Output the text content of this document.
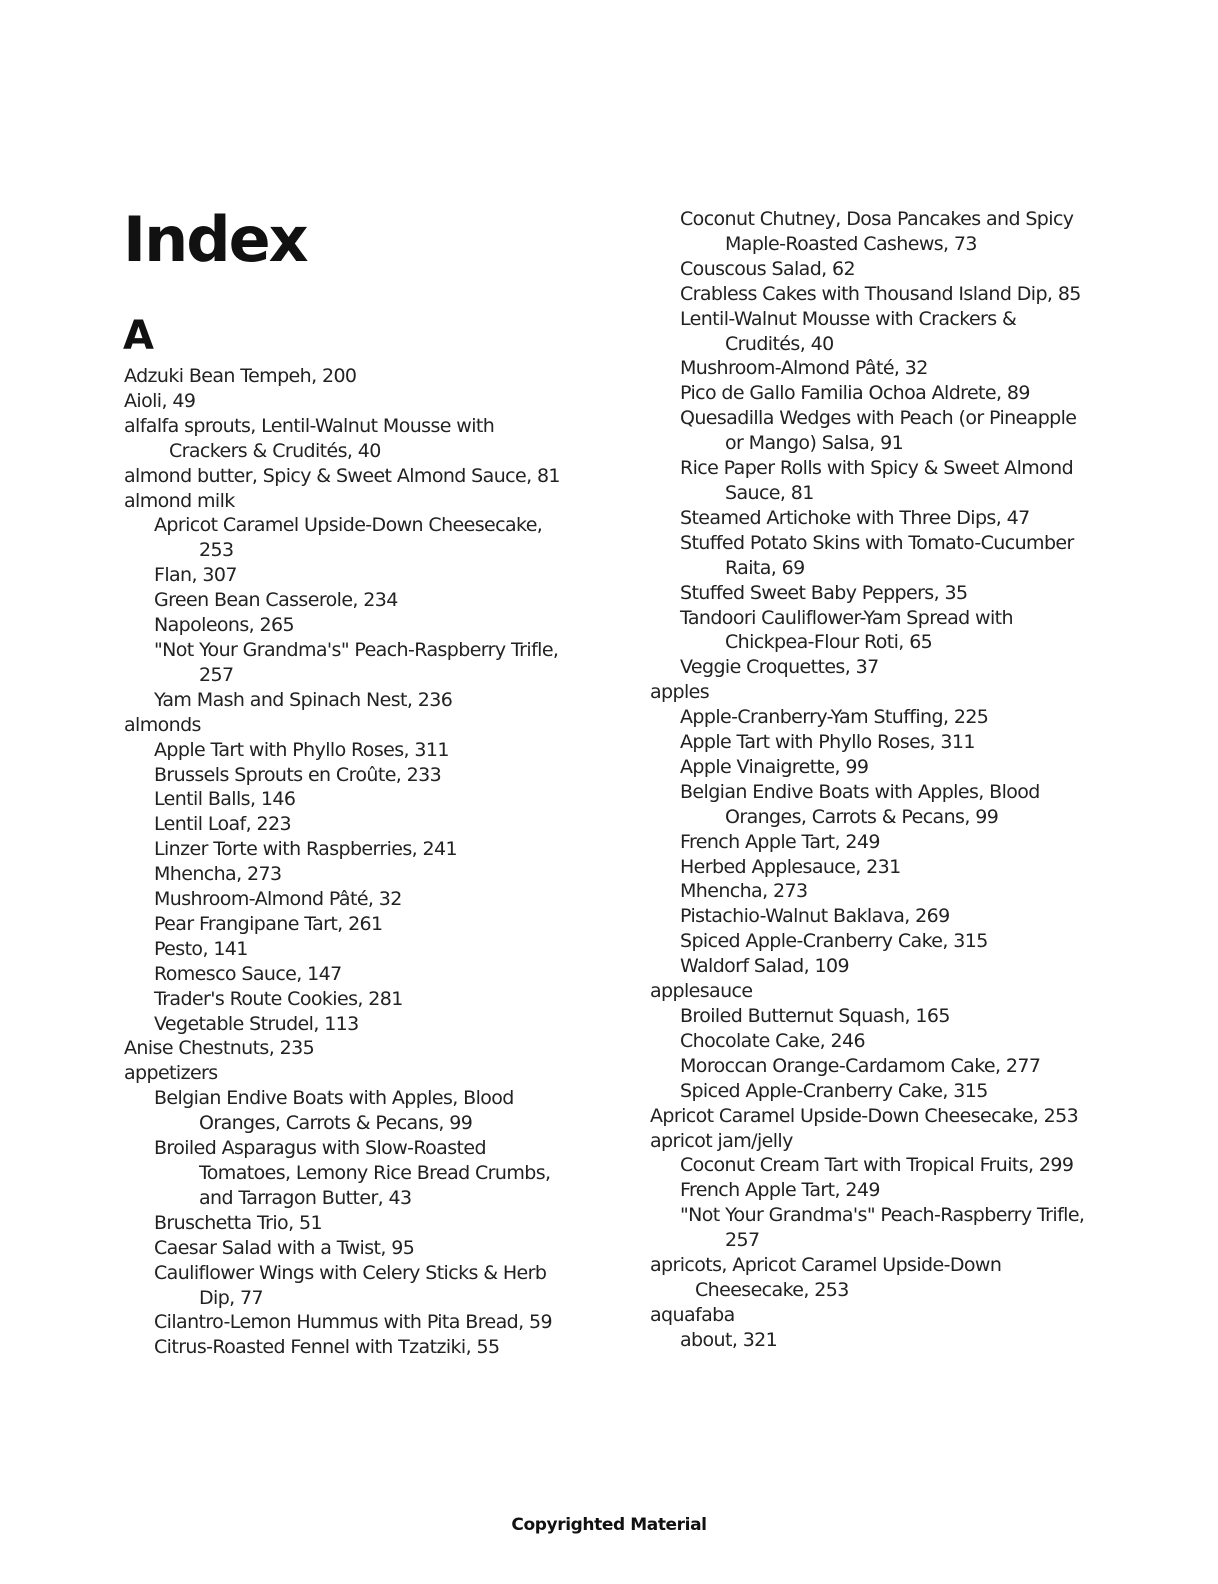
Index
A
Adzuki Bean Tempeh, 200
Aioli, 49
alfalfa sprouts, Lentil-Walnut Mousse with
Crackers & Crudités, 40
almond butter, Spicy & Sweet Almond Sauce, 81
almond milk
Apricot Caramel Upside-Down Cheesecake,
253
Flan, 307
Green Bean Casserole, 234
Napoleons, 265
"Not Your Grandma's" Peach-Raspberry Trifle,
257
Yam Mash and Spinach Nest, 236
almonds
Apple Tart with Phyllo Roses, 311
Brussels Sprouts en Croûte, 233
Lentil Balls, 146
Lentil Loaf, 223
Linzer Torte with Raspberries, 241
Mhencha, 273
Mushroom-Almond Pâté, 32
Pear Frangipane Tart, 261
Pesto, 141
Romesco Sauce, 147
Trader's Route Cookies, 281
Vegetable Strudel, 113
Anise Chestnuts, 235
appetizers
Belgian Endive Boats with Apples, Blood
Oranges, Carrots & Pecans, 99
Broiled Asparagus with Slow-Roasted
Tomatoes, Lemony Rice Bread Crumbs,
and Tarragon Butter, 43
Bruschetta Trio, 51
Caesar Salad with a Twist, 95
Cauliflower Wings with Celery Sticks & Herb
Dip, 77
Cilantro-Lemon Hummus with Pita Bread, 59
Citrus-Roasted Fennel with Tzatziki, 55
Coconut Chutney, Dosa Pancakes and Spicy
Maple-Roasted Cashews, 73
Couscous Salad, 62
Crabless Cakes with Thousand Island Dip, 85
Lentil-Walnut Mousse with Crackers &
Crudités, 40
Mushroom-Almond Pâté, 32
Pico de Gallo Familia Ochoa Aldrete, 89
Quesadilla Wedges with Peach (or Pineapple
or Mango) Salsa, 91
Rice Paper Rolls with Spicy & Sweet Almond
Sauce, 81
Steamed Artichoke with Three Dips, 47
Stuffed Potato Skins with Tomato-Cucumber
Raita, 69
Stuffed Sweet Baby Peppers, 35
Tandoori Cauliflower-Yam Spread with
Chickpea-Flour Roti, 65
Veggie Croquettes, 37
apples
Apple-Cranberry-Yam Stuffing, 225
Apple Tart with Phyllo Roses, 311
Apple Vinaigrette, 99
Belgian Endive Boats with Apples, Blood
Oranges, Carrots & Pecans, 99
French Apple Tart, 249
Herbed Applesauce, 231
Mhencha, 273
Pistachio-Walnut Baklava, 269
Spiced Apple-Cranberry Cake, 315
Waldorf Salad, 109
applesauce
Broiled Butternut Squash, 165
Chocolate Cake, 246
Moroccan Orange-Cardamom Cake, 277
Spiced Apple-Cranberry Cake, 315
Apricot Caramel Upside-Down Cheesecake, 253
apricot jam/jelly
Coconut Cream Tart with Tropical Fruits, 299
French Apple Tart, 249
"Not Your Grandma's" Peach-Raspberry Trifle,
257
apricots, Apricot Caramel Upside-Down
Cheesecake, 253
aquafaba
about, 321
Copyrighted Material
